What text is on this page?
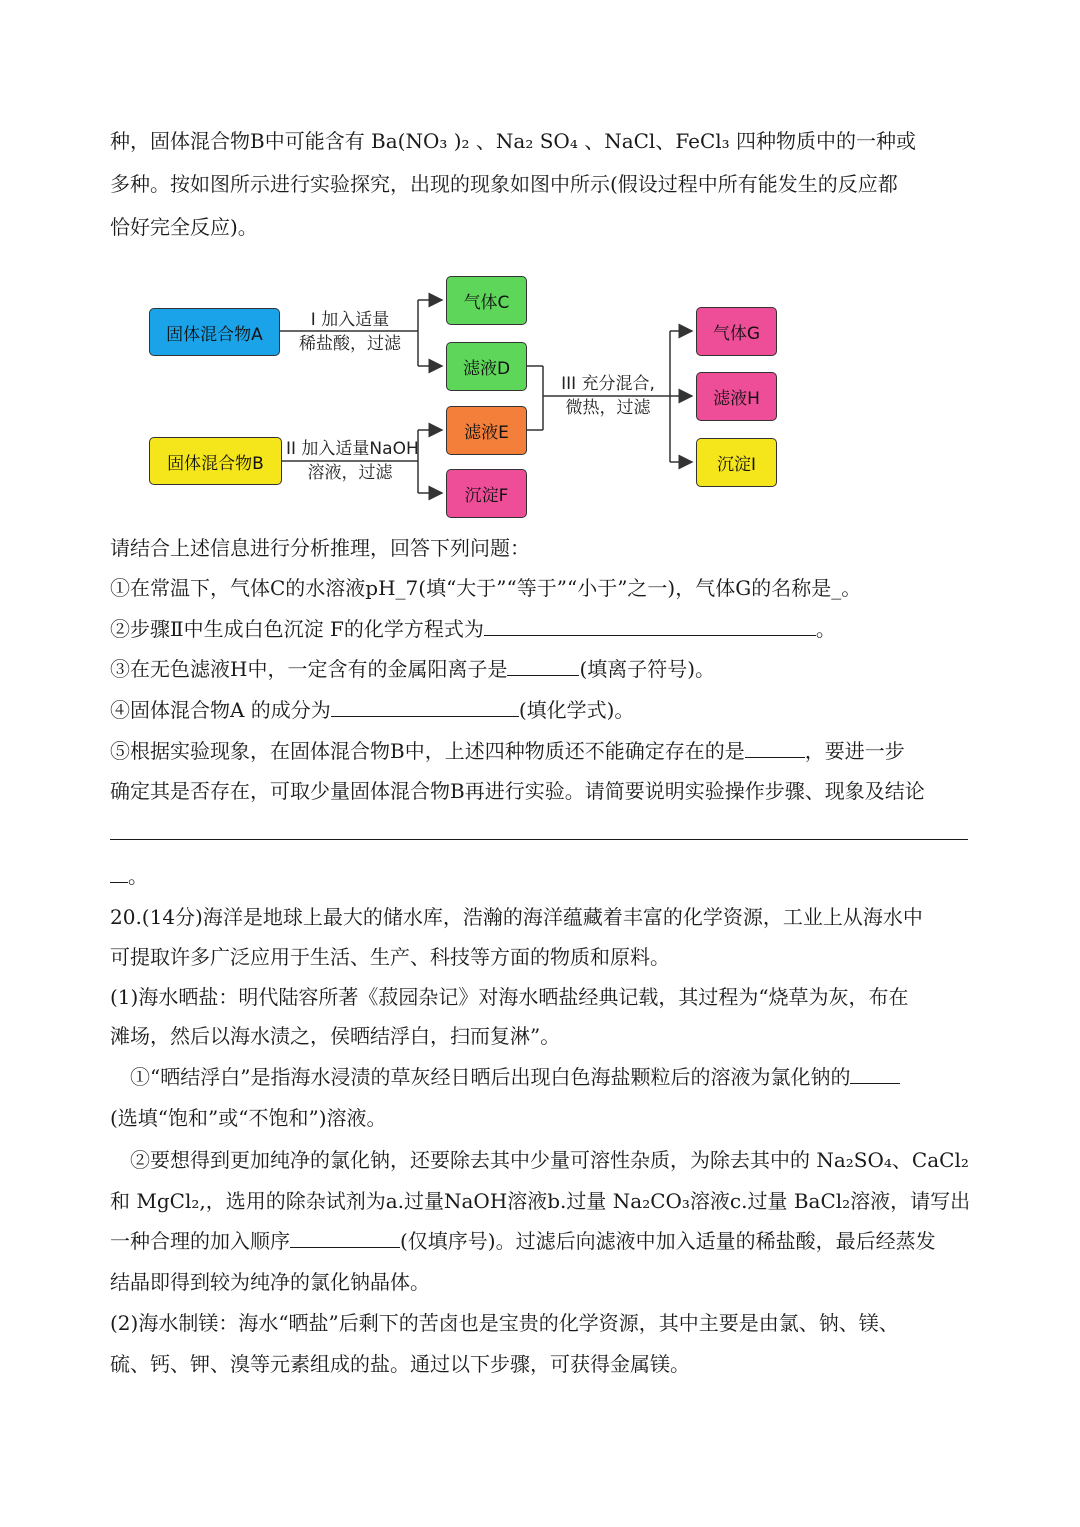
种，固体混合物B中可能含有 Ba(NO₃ )₂ 、Na₂ SO₄ 、NaCl、FeCl₃ 四种物质中的一种或
多种。按如图所示进行实验探究，出现的现象如图中所示(假设过程中所有能发生的反应都
恰好完全反应)。
固体混合物A
固体混合物B
气体C
滤液D
滤液E
沉淀F
气体G
滤液H
沉淀I
I 加入适量
稀盐酸，过滤
II 加入适量NaOH
溶液，过滤
III 充分混合,
微热，过滤
请结合上述信息进行分析推理，回答下列问题：
①在常温下，气体C的水溶液pH_7(填“大于”“等于”“小于”之一)，气体G的名称是_。
②步骤Ⅱ中生成白色沉淀 F的化学方程式为	。
③在无色滤液H中，一定含有的金属阳离子是	(填离子符号)。
④固体混合物A 的成分为	(填化学式)。
⑤根据实验现象，在固体混合物B中，上述四种物质还不能确定存在的是	，要进一步
确定其是否存在，可取少量固体混合物B再进行实验。请简要说明实验操作步骤、现象及结论
。
20.(14分)海洋是地球上最大的储水库，浩瀚的海洋蕴藏着丰富的化学资源，工业上从海水中
可提取许多广泛应用于生活、生产、科技等方面的物质和原料。
(1)海水晒盐：明代陆容所著《菽园杂记》对海水晒盐经典记载，其过程为“烧草为灰，布在
滩场，然后以海水渍之，侯晒结浮白，扫而复淋”。
①“晒结浮白”是指海水浸渍的草灰经日晒后出现白色海盐颗粒后的溶液为氯化钠的
(选填“饱和”或“不饱和”)溶液。
②要想得到更加纯净的氯化钠，还要除去其中少量可溶性杂质，为除去其中的 Na₂SO₄、CaCl₂
和 MgCl₂,，选用的除杂试剂为a.过量NaOH溶液b.过量 Na₂CO₃溶液c.过量 BaCl₂溶液，请写出
一种合理的加入顺序	(仅填序号)。过滤后向滤液中加入适量的稀盐酸，最后经蒸发
结晶即得到较为纯净的氯化钠晶体。
(2)海水制镁：海水“晒盐”后剩下的苦卤也是宝贵的化学资源，其中主要是由氯、钠、镁、
硫、钙、钾、溴等元素组成的盐。通过以下步骤，可获得金属镁。
